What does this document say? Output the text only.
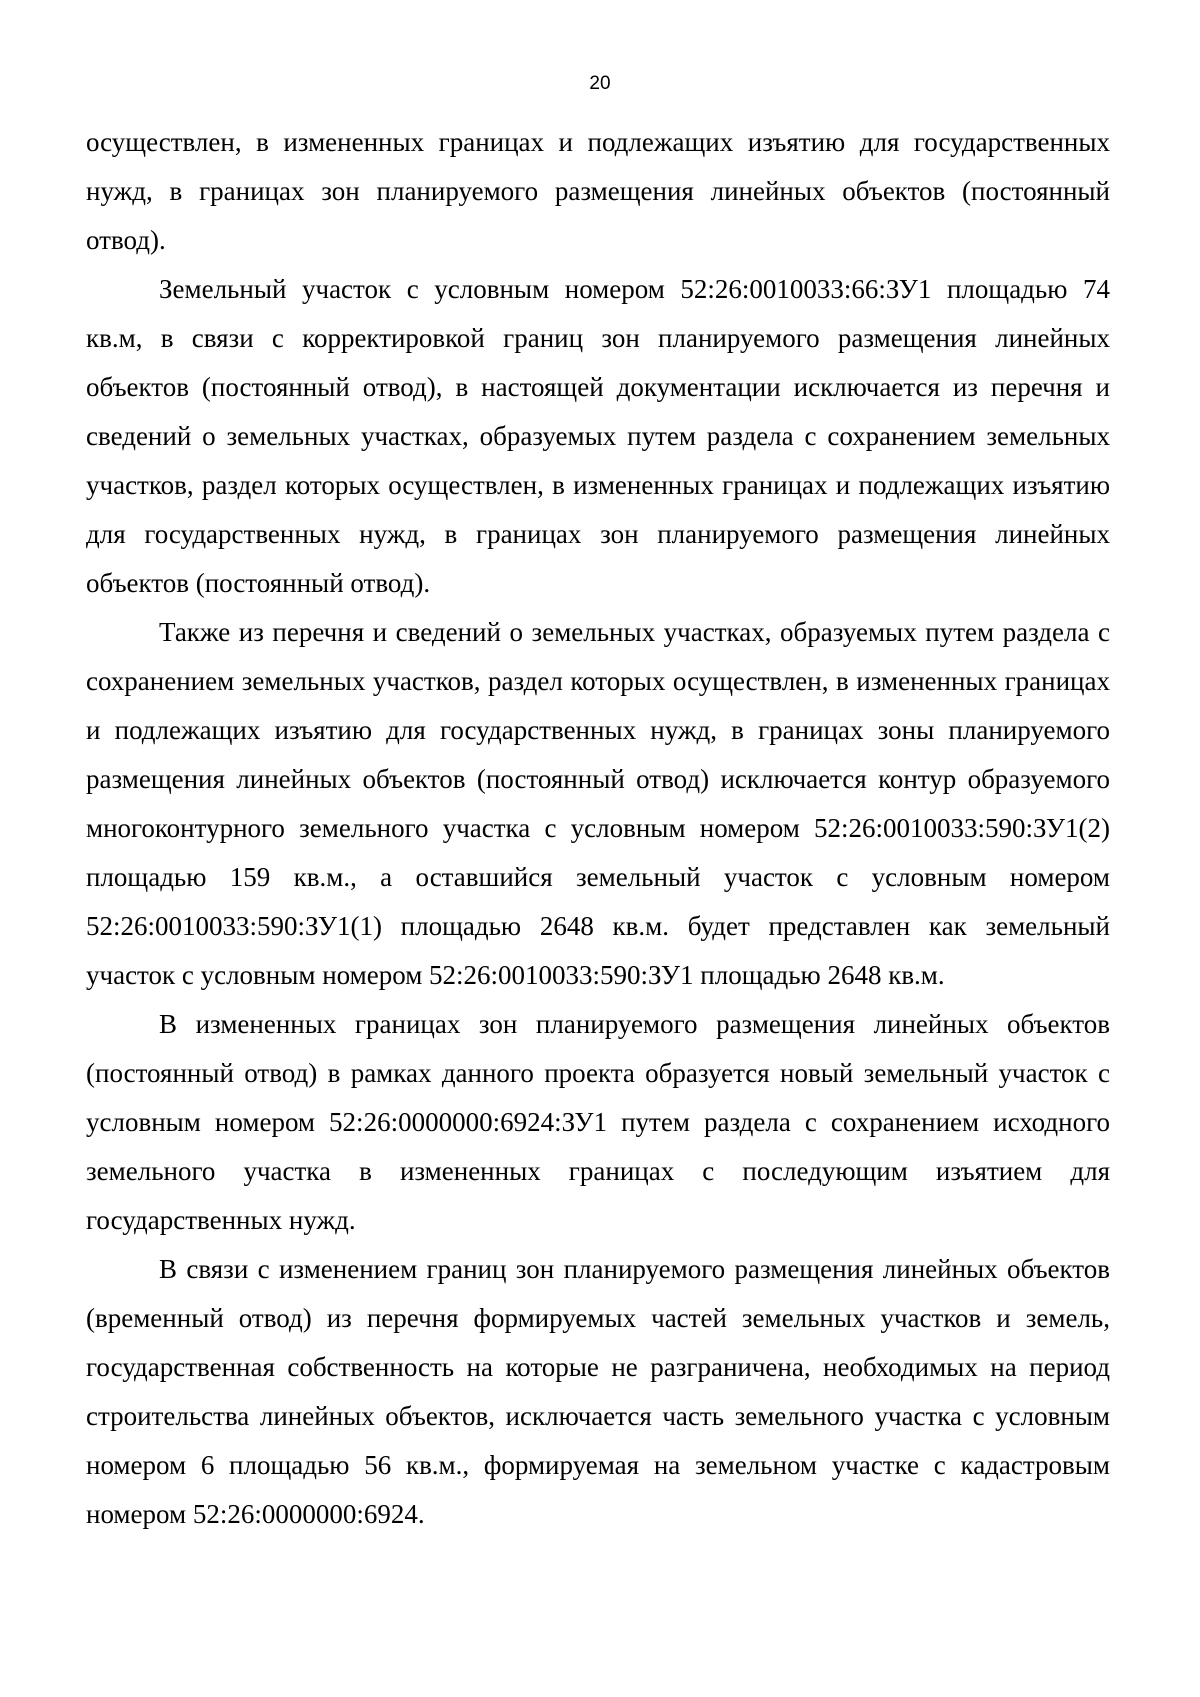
20

осуществлен, в измененных границах и подлежащих изъятию для государственных нужд, в границах зон планируемого размещения линейных объектов (постоянный отвод).

Земельный участок с условным номером 52:26:0010033:66:ЗУ1 площадью 74 кв.м, в связи с корректировкой границ зон планируемого размещения линейных объектов (постоянный отвод), в настоящей документации исключается из перечня и сведений о земельных участках, образуемых путем раздела с сохранением земельных участков, раздел которых осуществлен, в измененных границах и подлежащих изъятию для государственных нужд, в границах зон планируемого размещения линейных объектов (постоянный отвод).

Также из перечня и сведений о земельных участках, образуемых путем раздела с сохранением земельных участков, раздел которых осуществлен, в измененных границах и подлежащих изъятию для государственных нужд, в границах зоны планируемого размещения линейных объектов (постоянный отвод) исключается контур образуемого многоконтурного земельного участка с условным номером 52:26:0010033:590:ЗУ1(2) площадью 159 кв.м., а оставшийся земельный участок с условным номером 52:26:0010033:590:ЗУ1(1) площадью 2648 кв.м. будет представлен как земельный участок с условным номером 52:26:0010033:590:ЗУ1 площадью 2648 кв.м.

В измененных границах зон планируемого размещения линейных объектов (постоянный отвод) в рамках данного проекта образуется новый земельный участок с условным номером 52:26:0000000:6924:ЗУ1 путем раздела с сохранением исходного земельного участка в измененных границах с последующим изъятием для государственных нужд.

В связи с изменением границ зон планируемого размещения линейных объектов (временный отвод) из перечня формируемых частей земельных участков и земель, государственная собственность на которые не разграничена, необходимых на период строительства линейных объектов, исключается часть земельного участка с условным номером 6 площадью 56 кв.м., формируемая на земельном участке с кадастровым номером 52:26:0000000:6924.
